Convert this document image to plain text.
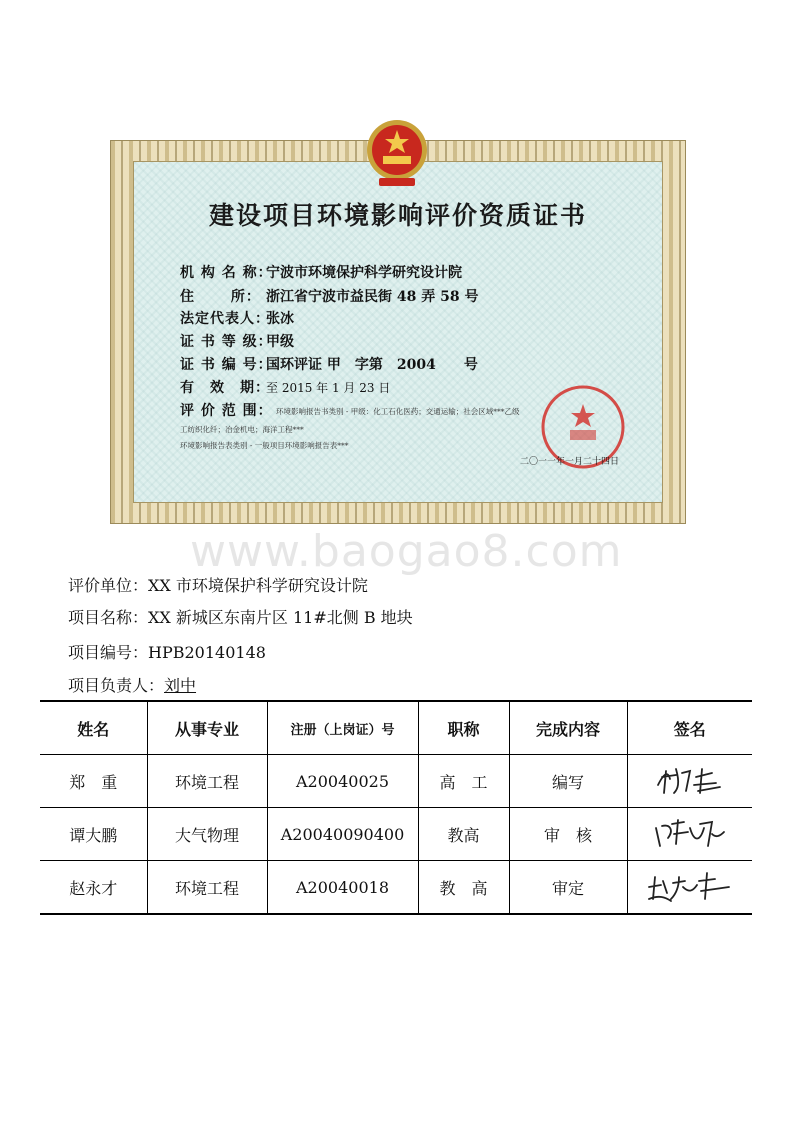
建设项目环境影响评价资质证书
机 构 名 称：宁波市环境保护科学研究设计院
住　　 所： 浙江省宁波市益民街 48 弄 58 号
法定代表人：张冰
证 书 等 级：甲级
证 书 编 号：国环评证 甲　字第　2004　　号
有　效　期：至 2015 年 1 月 23 日
评 价 范 围： 环境影响报告书类别 - 甲级：化工石化医药；交通运输；社会区域***乙级
工纺织化纤；冶金机电；海洋工程***
环境影响报告表类别 - 一般项目环境影响报告表***
二〇一一年一月二十四日
www.baogao8.com
评价单位：XX 市环境保护科学研究设计院
项目名称：XX 新城区东南片区 11#北侧 B 地块
项目编号：HPB20140148
项目负责人：刘中
姓名	从事专业	注册（上岗证）号	职称	完成内容	签名
郑　重	环境工程	A20040025	高　工	编写	

谭大鹏	大气物理	A20040090400	教高	审　核	

赵永才	环境工程	A20040018	教　高	审定	
